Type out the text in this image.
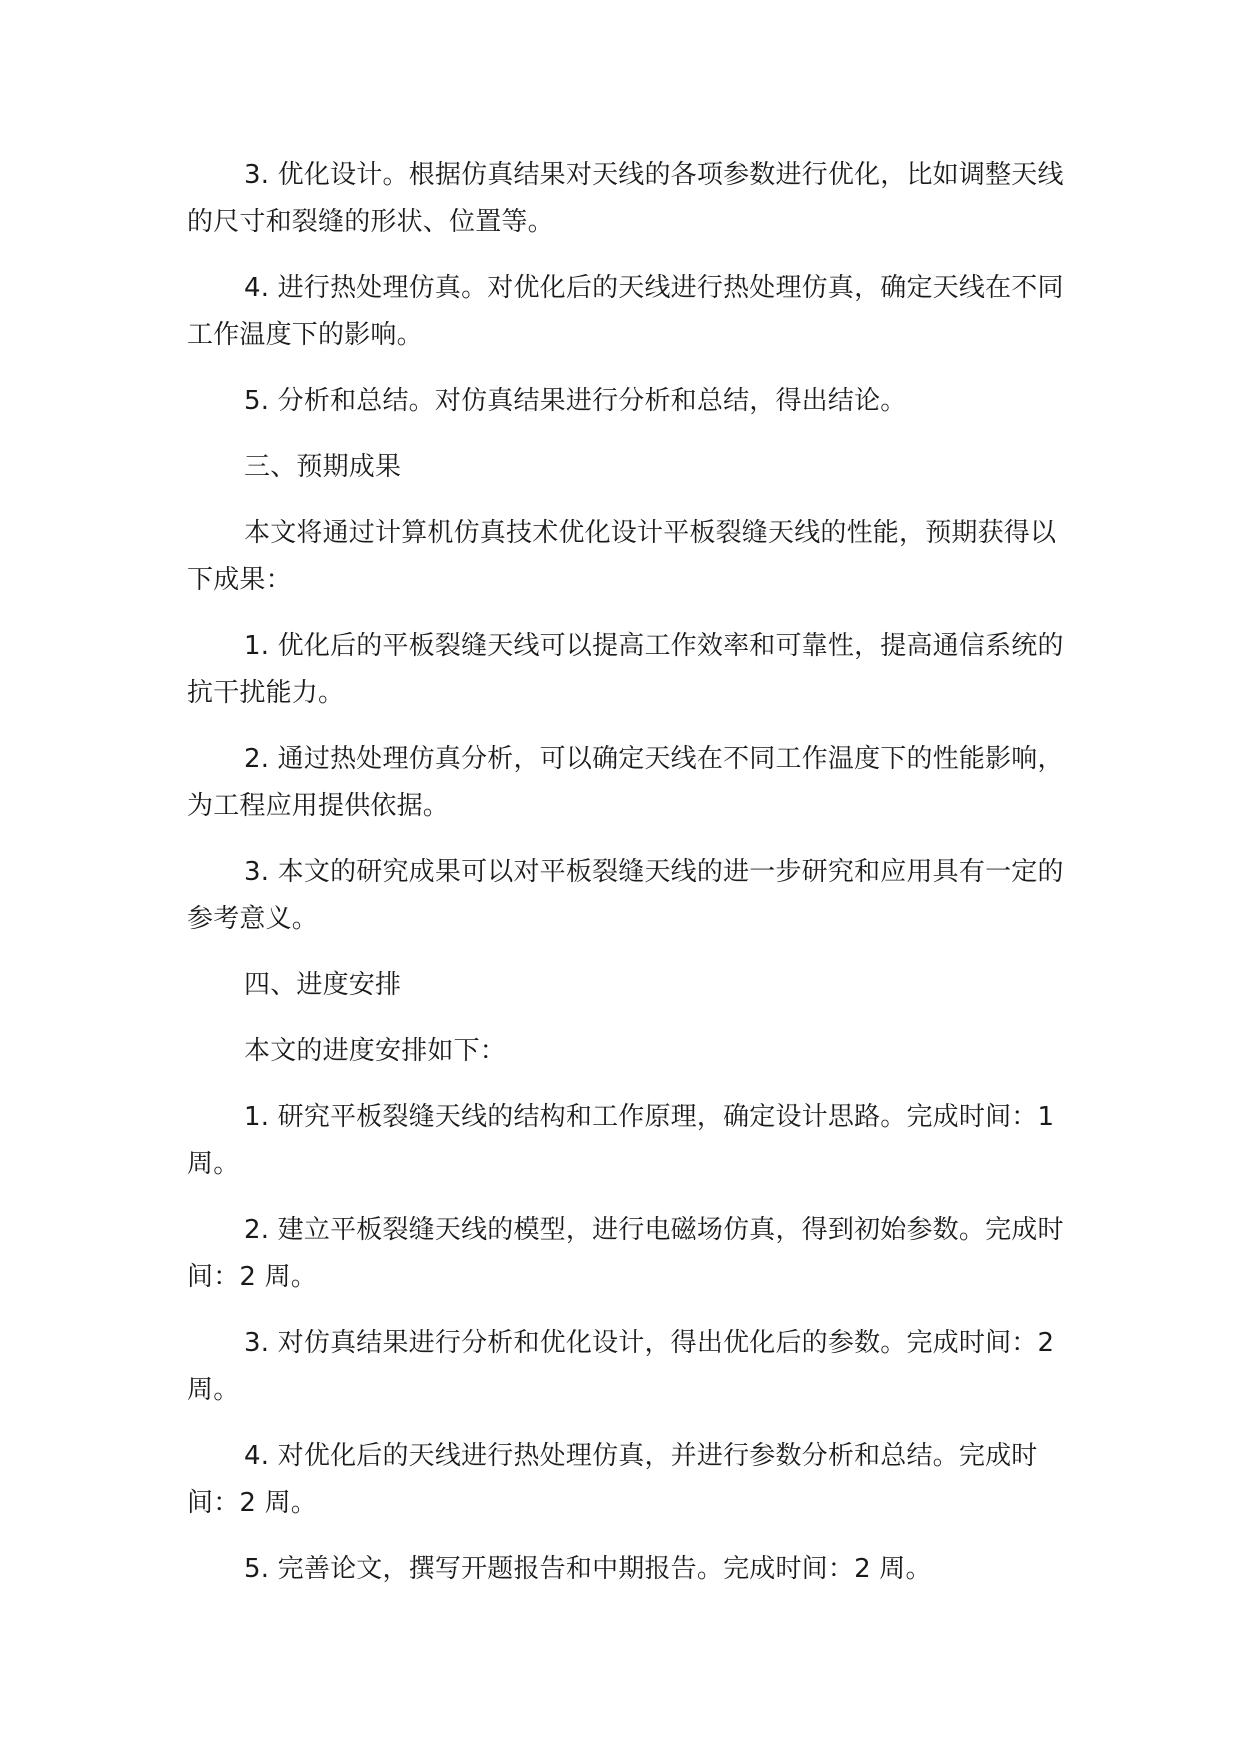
3. 优化设计。根据仿真结果对天线的各项参数进行优化，比如调整天线的尺寸和裂缝的形状、位置等。

4. 进行热处理仿真。对优化后的天线进行热处理仿真，确定天线在不同工作温度下的影响。

5. 分析和总结。对仿真结果进行分析和总结，得出结论。

三、预期成果

本文将通过计算机仿真技术优化设计平板裂缝天线的性能，预期获得以下成果：

1. 优化后的平板裂缝天线可以提高工作效率和可靠性，提高通信系统的抗干扰能力。

2. 通过热处理仿真分析，可以确定天线在不同工作温度下的性能影响，为工程应用提供依据。

3. 本文的研究成果可以对平板裂缝天线的进一步研究和应用具有一定的参考意义。

四、进度安排

本文的进度安排如下：

1. 研究平板裂缝天线的结构和工作原理，确定设计思路。完成时间：1 周。

2. 建立平板裂缝天线的模型，进行电磁场仿真，得到初始参数。完成时间：2 周。

3. 对仿真结果进行分析和优化设计，得出优化后的参数。完成时间：2 周。

4. 对优化后的天线进行热处理仿真，并进行参数分析和总结。完成时间：2 周。

5. 完善论文，撰写开题报告和中期报告。完成时间：2 周。
